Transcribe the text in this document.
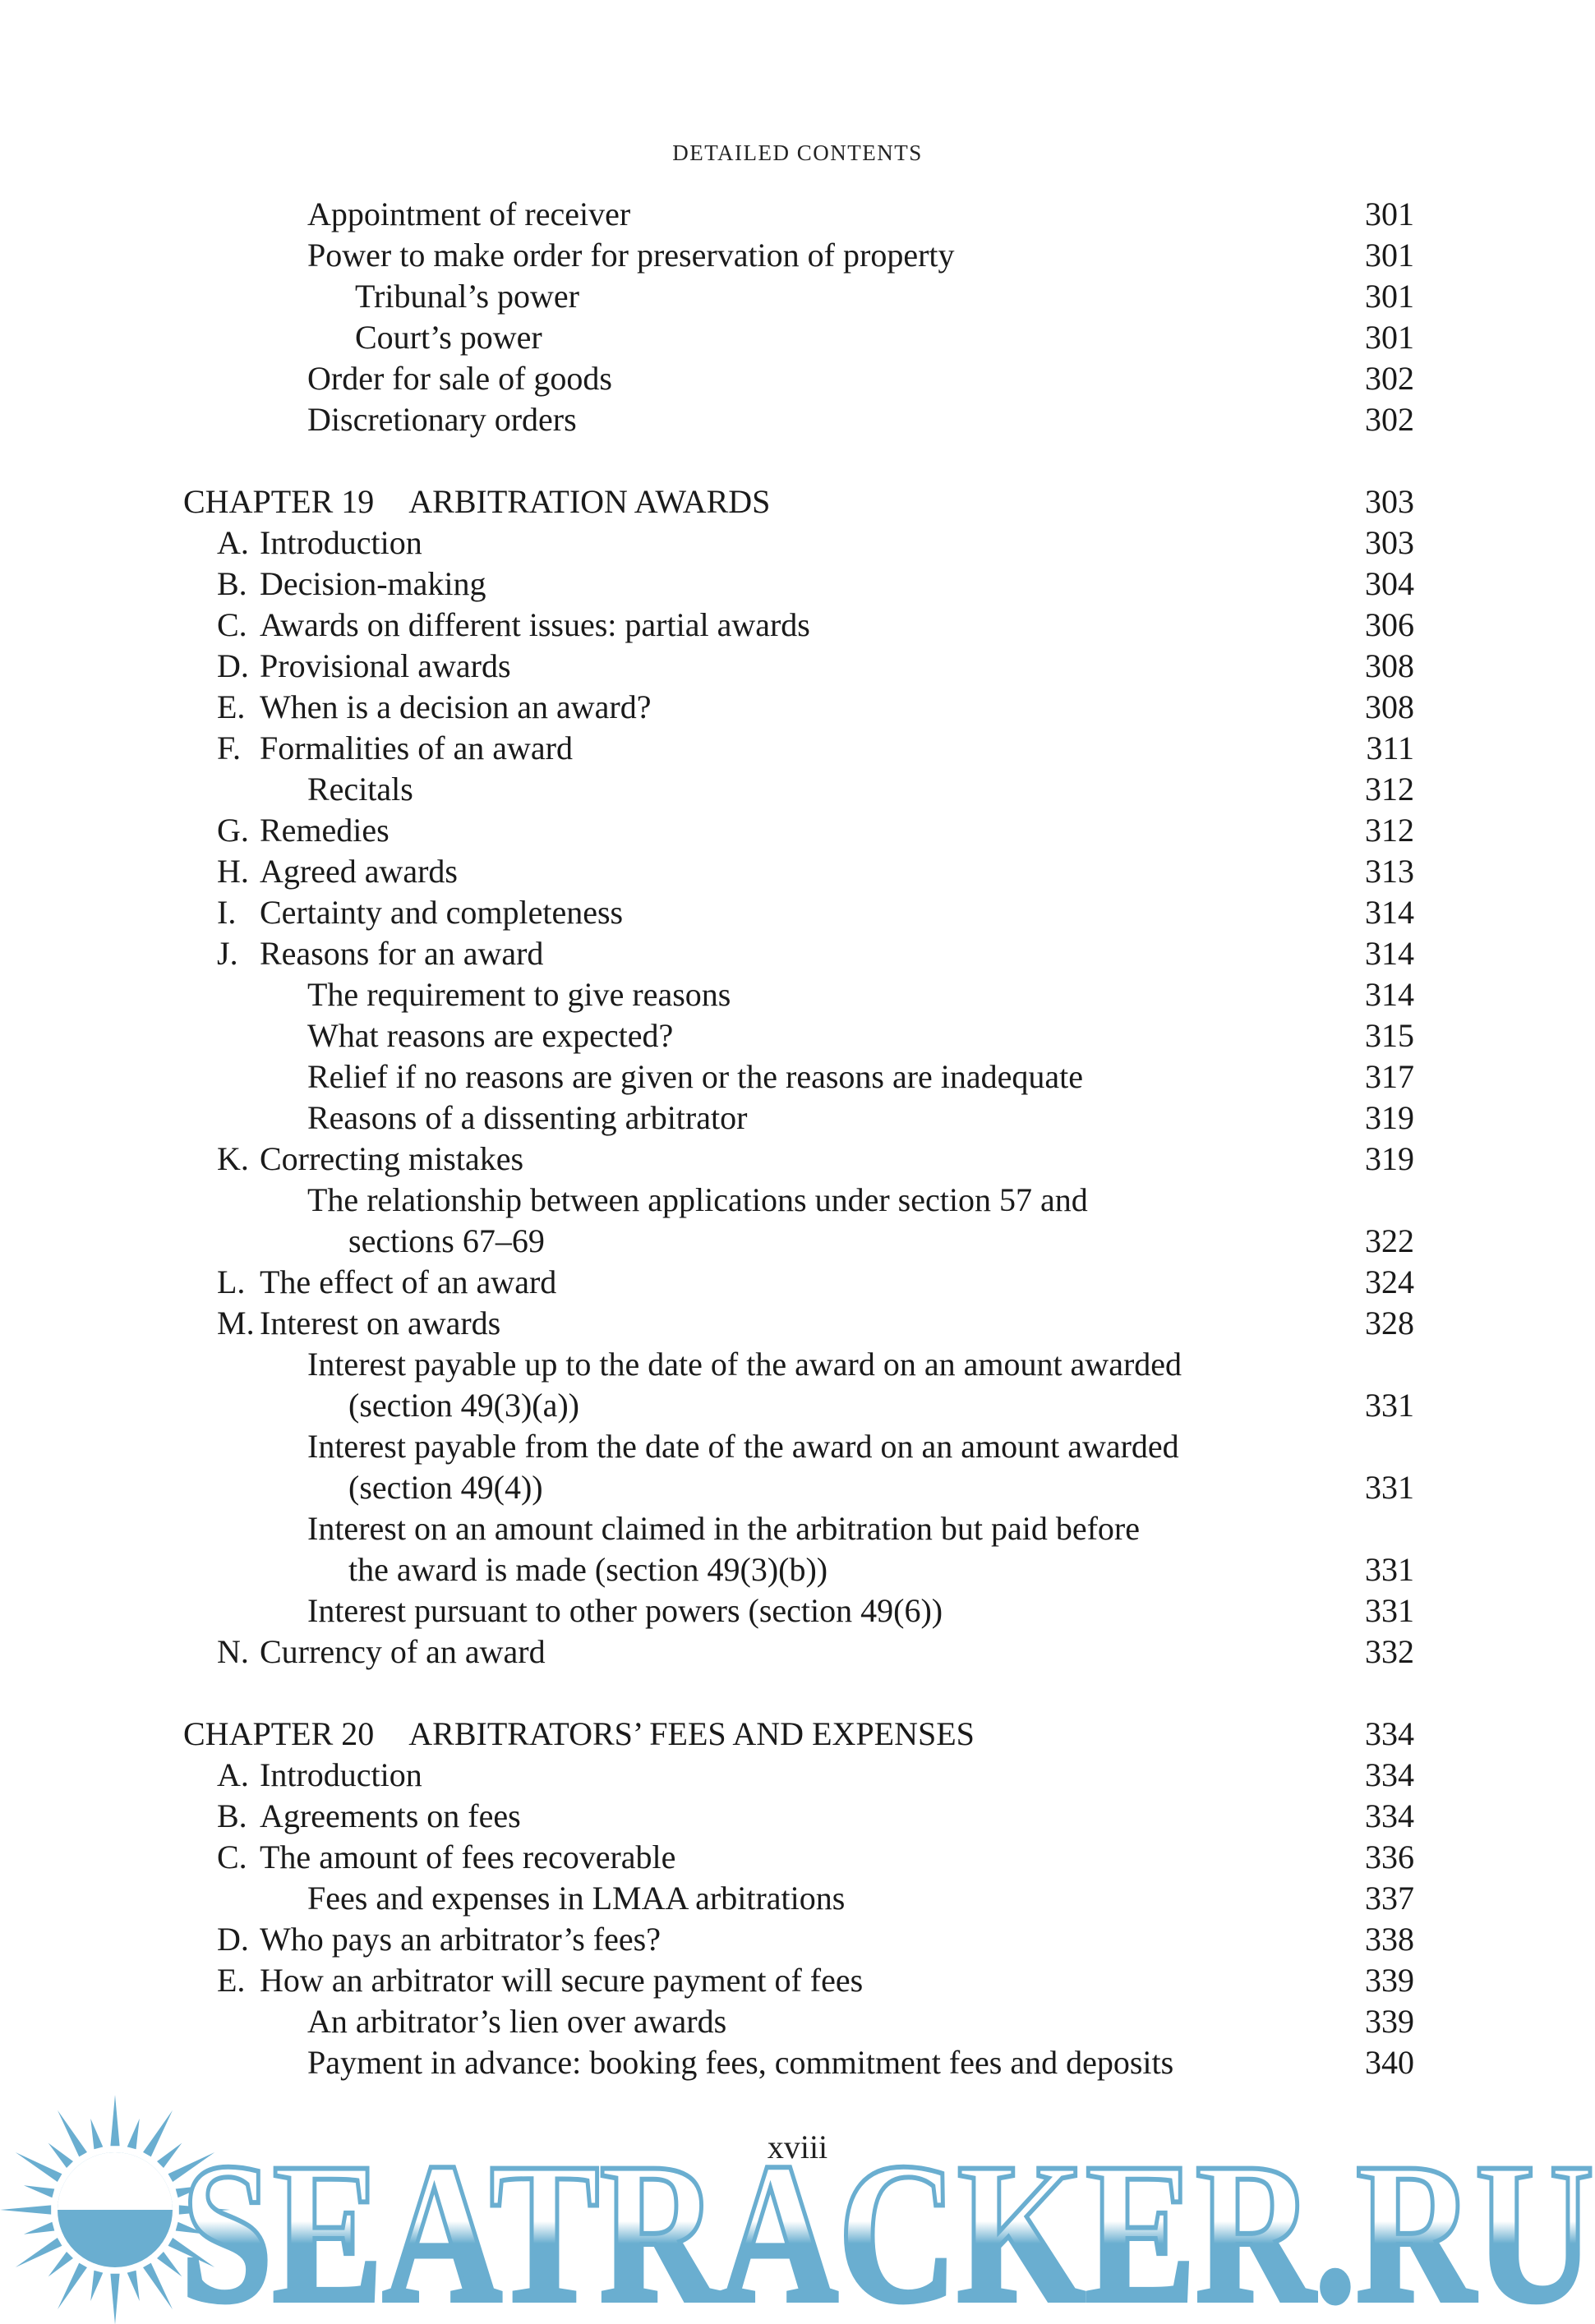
DETAILED CONTENTS
Appointment of receiver	301
Power to make order for preservation of property	301
Tribunal’s power	301
Court’s power	301
Order for sale of goods	302
Discretionary orders	302
CHAPTER 19 ARBITRATION AWARDS	303
A. Introduction	303
B. Decision-making	304
C. Awards on different issues: partial awards	306
D. Provisional awards	308
E. When is a decision an award?	308
F. Formalities of an award	311
Recitals	312
G. Remedies	312
H. Agreed awards	313
I. Certainty and completeness	314
J. Reasons for an award	314
The requirement to give reasons	314
What reasons are expected?	315
Relief if no reasons are given or the reasons are inadequate	317
Reasons of a dissenting arbitrator	319
K. Correcting mistakes	319
The relationship between applications under section 57 and
sections 67–69	322
L. The effect of an award	324
M. Interest on awards	328
Interest payable up to the date of the award on an amount awarded
(section 49(3)(a))	331
Interest payable from the date of the award on an amount awarded
(section 49(4))	331
Interest on an amount claimed in the arbitration but paid before
the award is made (section 49(3)(b))	331
Interest pursuant to other powers (section 49(6))	331
N. Currency of an award	332
CHAPTER 20 ARBITRATORS’ FEES AND EXPENSES	334
A. Introduction	334
B. Agreements on fees	334
C. The amount of fees recoverable	336
Fees and expenses in LMAA arbitrations	337
D. Who pays an arbitrator’s fees?	338
E. How an arbitrator will secure payment of fees	339
An arbitrator’s lien over awards	339
Payment in advance: booking fees, commitment fees and deposits	340
xviii
SEATRACKER.RU
